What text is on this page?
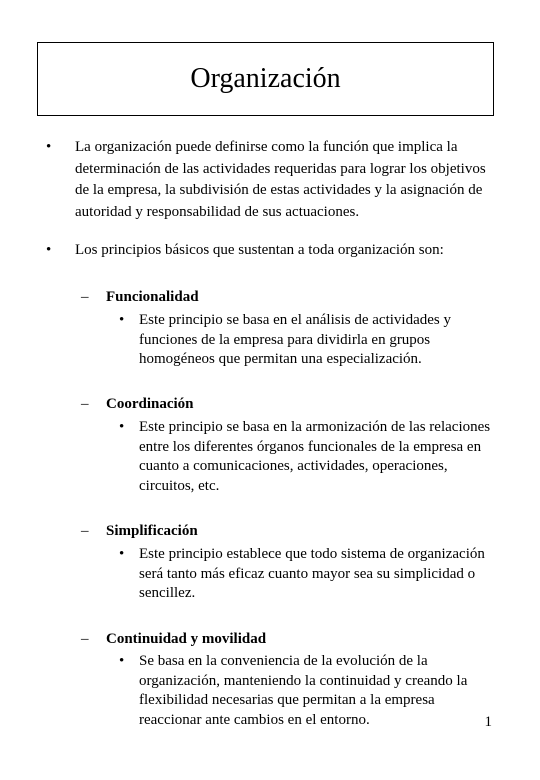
Organización
• La organización puede definirse como la función que implica la determinación de las actividades requeridas para lograr los objetivos de la empresa, la subdivisión de estas actividades y la asignación de autoridad y responsabilidad de sus actuaciones.
• Los principios básicos que sustentan a toda organización son:
– Funcionalidad
• Este principio se basa en el análisis de actividades y funciones de la empresa para dividirla en grupos homogéneos que permitan una especialización.
– Coordinación
• Este principio se basa en la armonización de las relaciones entre los diferentes órganos funcionales de la empresa en cuanto a comunicaciones, actividades, operaciones, circuitos, etc.
– Simplificación
• Este principio establece que todo sistema de organización será tanto más eficaz cuanto mayor sea su simplicidad o sencillez.
– Continuidad y movilidad
• Se basa en la conveniencia de la evolución de la organización, manteniendo la continuidad y creando la flexibilidad necesarias que permitan a la empresa reaccionar ante cambios en el entorno.	1
